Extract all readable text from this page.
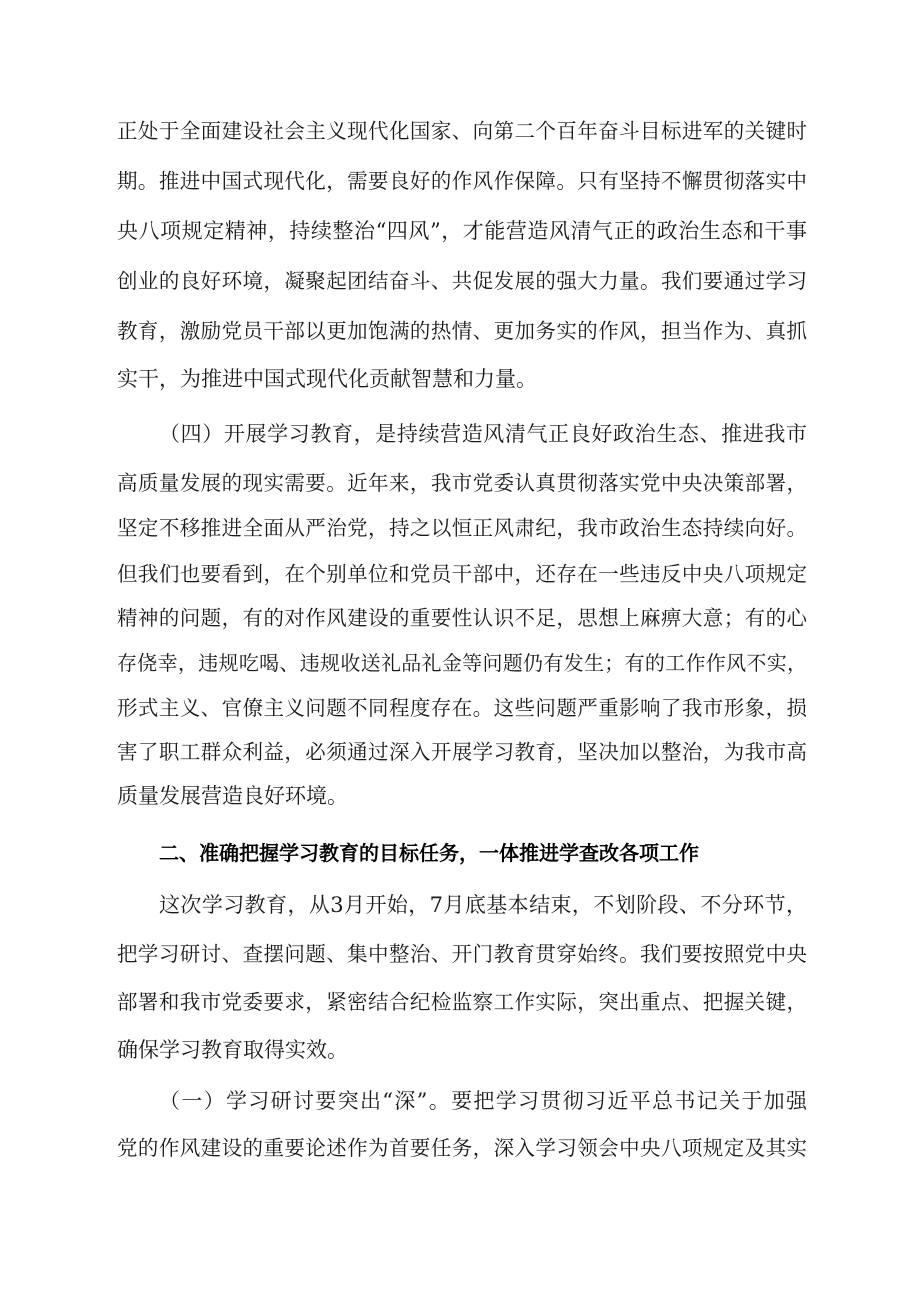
正处于全面建设社会主义现代化国家、向第二个百年奋斗目标进军的关键时
期。推进中国式现代化，需要良好的作风作保障。只有坚持不懈贯彻落实中
央八项规定精神，持续整治“四风”，才能营造风清气正的政治生态和干事
创业的良好环境，凝聚起团结奋斗、共促发展的强大力量。我们要通过学习
教育，激励党员干部以更加饱满的热情、更加务实的作风，担当作为、真抓
实干，为推进中国式现代化贡献智慧和力量。
（四）开展学习教育，是持续营造风清气正良好政治生态、推进我市
高质量发展的现实需要。近年来，我市党委认真贯彻落实党中央决策部署，
坚定不移推进全面从严治党，持之以恒正风肃纪，我市政治生态持续向好。
但我们也要看到，在个别单位和党员干部中，还存在一些违反中央八项规定
精神的问题，有的对作风建设的重要性认识不足，思想上麻痹大意；有的心
存侥幸，违规吃喝、违规收送礼品礼金等问题仍有发生；有的工作作风不实，
形式主义、官僚主义问题不同程度存在。这些问题严重影响了我市形象，损
害了职工群众利益，必须通过深入开展学习教育，坚决加以整治，为我市高
质量发展营造良好环境。
二、准确把握学习教育的目标任务，一体推进学查改各项工作
这次学习教育，从3月开始，7月底基本结束，不划阶段、不分环节，
把学习研讨、查摆问题、集中整治、开门教育贯穿始终。我们要按照党中央
部署和我市党委要求，紧密结合纪检监察工作实际，突出重点、把握关键，
确保学习教育取得实效。
（一）学习研讨要突出“深”。要把学习贯彻习近平总书记关于加强
党的作风建设的重要论述作为首要任务，深入学习领会中央八项规定及其实
